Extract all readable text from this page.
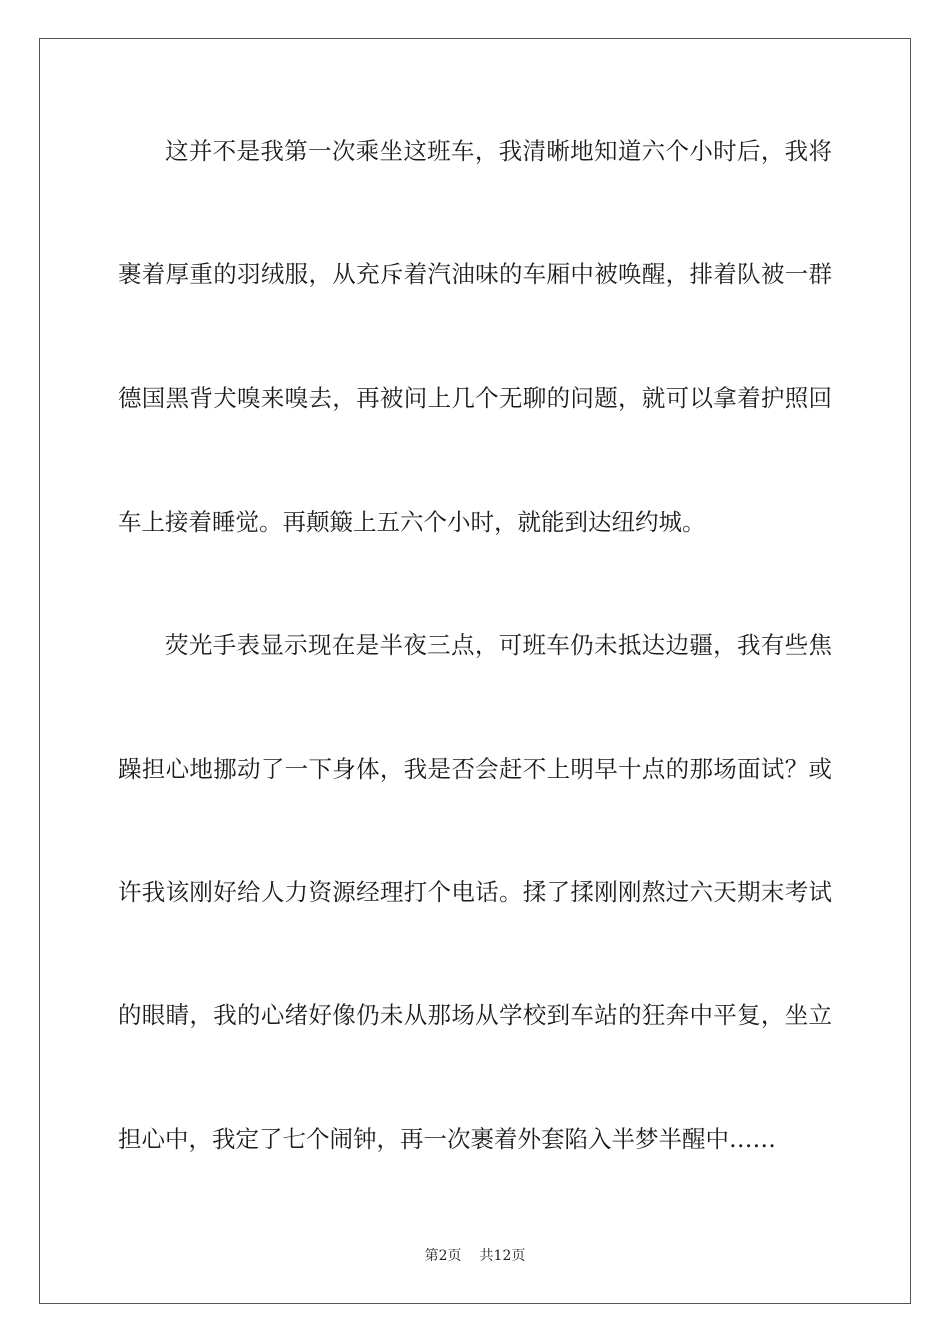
这并不是我第一次乘坐这班车，我清晰地知道六个小时后，我将
裹着厚重的羽绒服，从充斥着汽油味的车厢中被唤醒，排着队被一群
德国黑背犬嗅来嗅去，再被问上几个无聊的问题，就可以拿着护照回
车上接着睡觉。再颠簸上五六个小时，就能到达纽约城。
荧光手表显示现在是半夜三点，可班车仍未抵达边疆，我有些焦
躁担心地挪动了一下身体，我是否会赶不上明早十点的那场面试？或
许我该刚好给人力资源经理打个电话。揉了揉刚刚熬过六天期末考试
的眼睛，我的心绪好像仍未从那场从学校到车站的狂奔中平复，坐立
担心中，我定了七个闹钟，再一次裹着外套陷入半梦半醒中……
第2页 共12页
